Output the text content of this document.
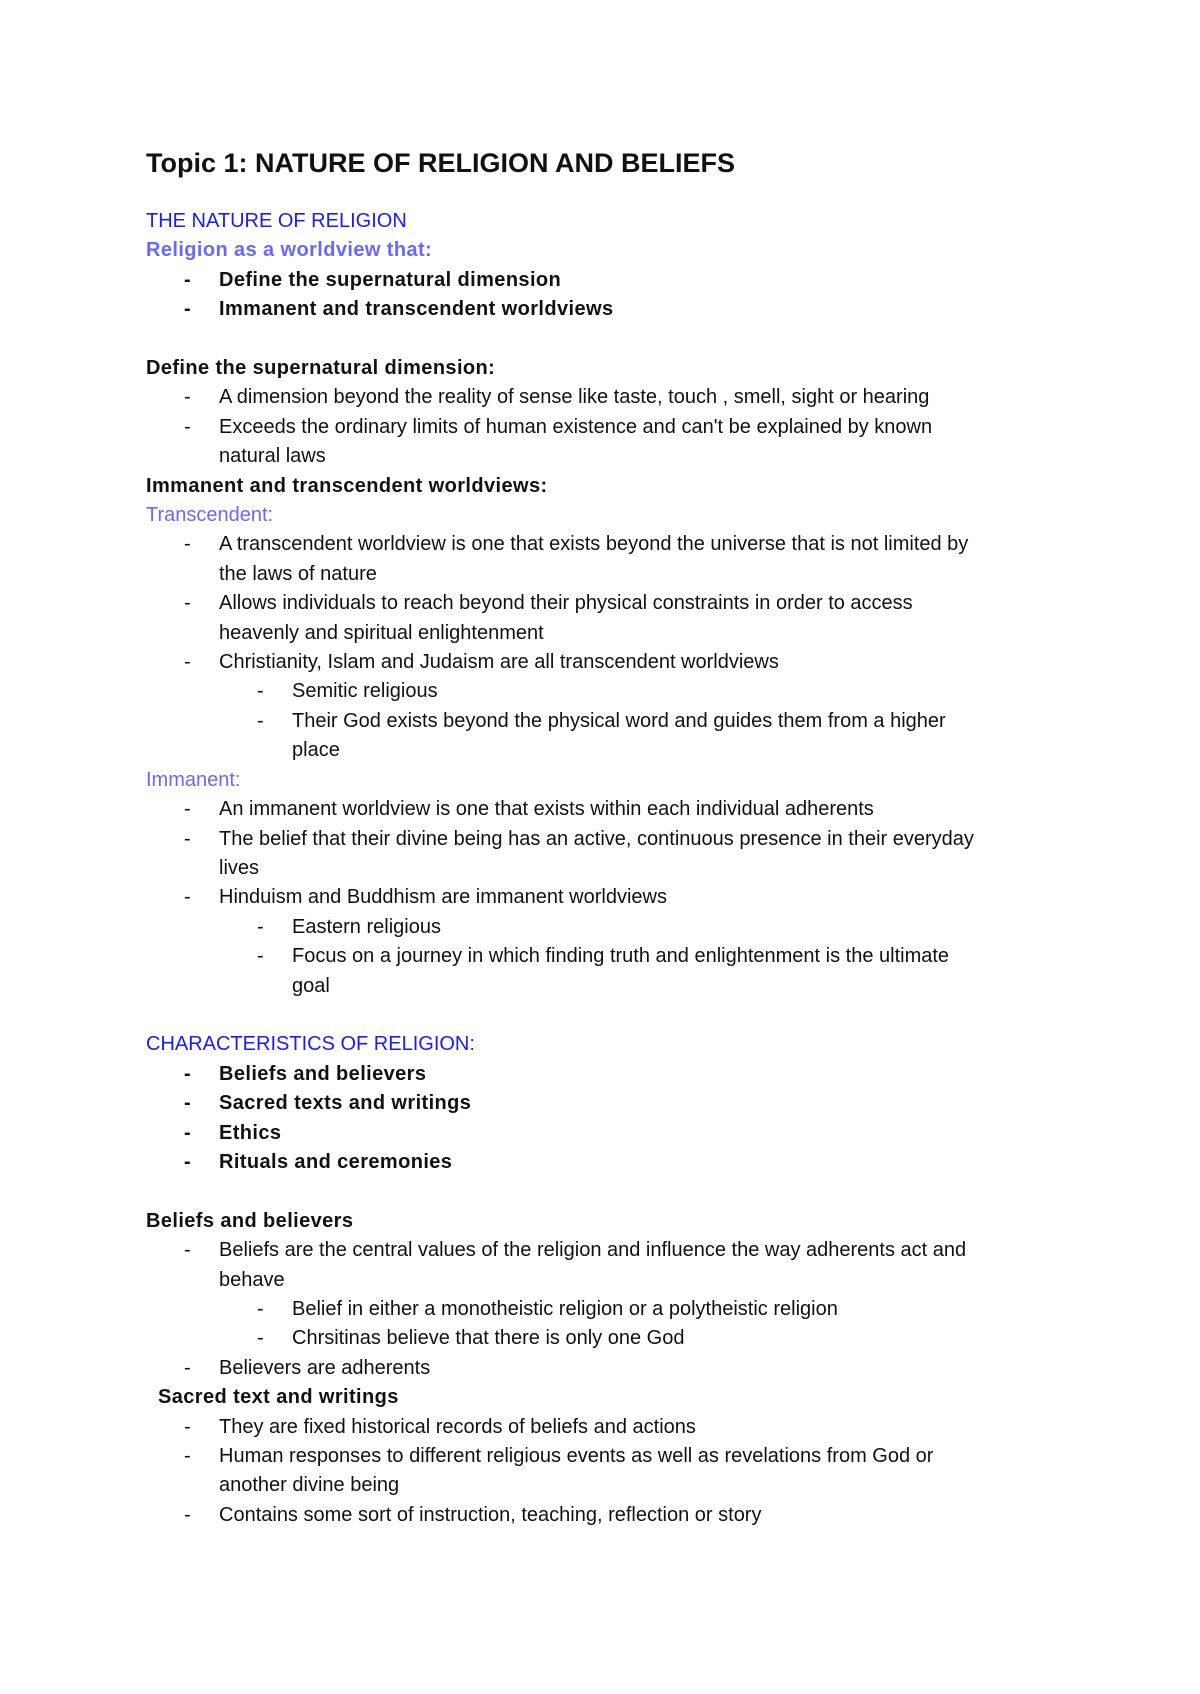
Topic 1: NATURE OF RELIGION AND BELIEFS
THE NATURE OF RELIGION
Religion as a worldview that:
- Define the supernatural dimension
- Immanent and transcendent worldviews
Define the supernatural dimension:
- A dimension beyond the reality of sense like taste, touch , smell, sight or hearing
- Exceeds the ordinary limits of human existence and can't be explained by known
natural laws
Immanent and transcendent worldviews:
Transcendent:
- A transcendent worldview is one that exists beyond the universe that is not limited by
the laws of nature
- Allows individuals to reach beyond their physical constraints in order to access
heavenly and spiritual enlightenment
- Christianity, Islam and Judaism are all transcendent worldviews
- Semitic religious
- Their God exists beyond the physical word and guides them from a higher
place
Immanent:
- An immanent worldview is one that exists within each individual adherents
- The belief that their divine being has an active, continuous presence in their everyday
lives
- Hinduism and Buddhism are immanent worldviews
- Eastern religious
- Focus on a journey in which finding truth and enlightenment is the ultimate
goal
CHARACTERISTICS OF RELIGION:
- Beliefs and believers
- Sacred texts and writings
- Ethics
- Rituals and ceremonies
Beliefs and believers
- Beliefs are the central values of the religion and influence the way adherents act and
behave
- Belief in either a monotheistic religion or a polytheistic religion
- Chrsitinas believe that there is only one God
- Believers are adherents
Sacred text and writings
- They are fixed historical records of beliefs and actions
- Human responses to different religious events as well as revelations from God or
another divine being
- Contains some sort of instruction, teaching, reflection or story
